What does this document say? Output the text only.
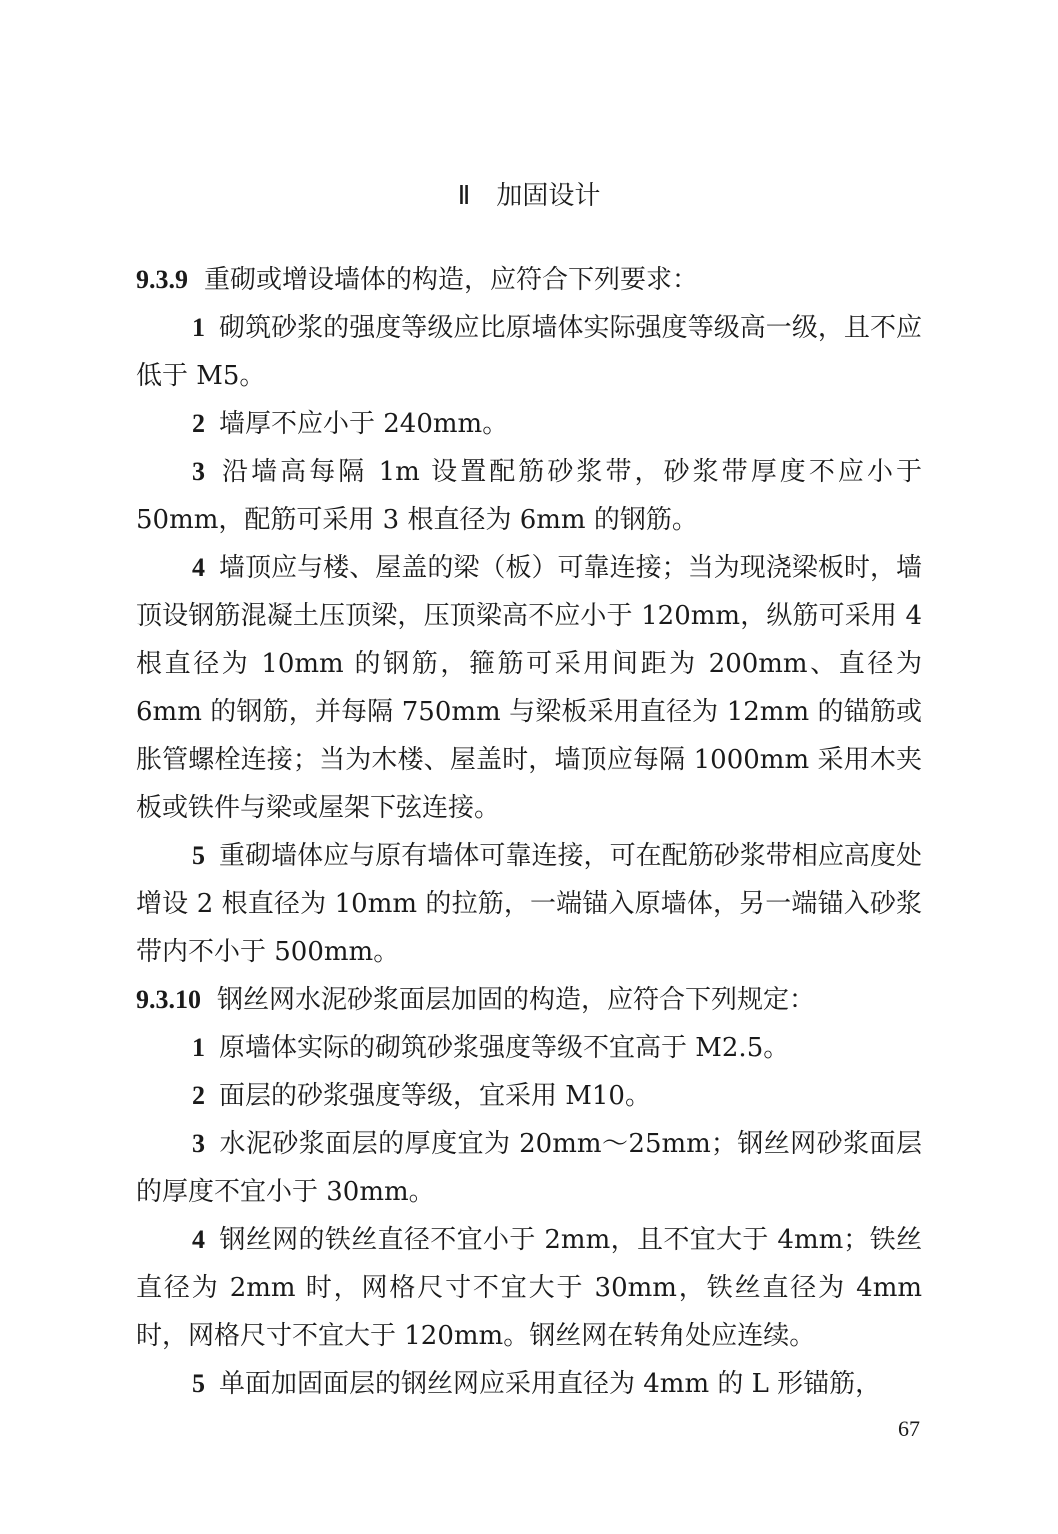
Ⅱ 加固设计

9.3.9 重砌或增设墙体的构造，应符合下列要求：

1 砌筑砂浆的强度等级应比原墙体实际强度等级高一级，且不应低于 M5。

2 墙厚不应小于 240mm。

3 沿墙高每隔 1m 设置配筋砂浆带，砂浆带厚度不应小于 50mm，配筋可采用 3 根直径为 6mm 的钢筋。

4 墙顶应与楼、屋盖的梁（板）可靠连接；当为现浇梁板时，墙顶设钢筋混凝土压顶梁，压顶梁高不应小于 120mm，纵筋可采用 4 根直径为 10mm 的钢筋，箍筋可采用间距为 200mm、直径为 6mm 的钢筋，并每隔 750mm 与梁板采用直径为 12mm 的锚筋或胀管螺栓连接；当为木楼、屋盖时，墙顶应每隔 1000mm 采用木夹板或铁件与梁或屋架下弦连接。

5 重砌墙体应与原有墙体可靠连接，可在配筋砂浆带相应高度处增设 2 根直径为 10mm 的拉筋，一端锚入原墙体，另一端锚入砂浆带内不小于 500mm。

9.3.10 钢丝网水泥砂浆面层加固的构造，应符合下列规定：

1 原墙体实际的砌筑砂浆强度等级不宜高于 M2.5。

2 面层的砂浆强度等级，宜采用 M10。

3 水泥砂浆面层的厚度宜为 20mm～25mm；钢丝网砂浆面层的厚度不宜小于 30mm。

4 钢丝网的铁丝直径不宜小于 2mm，且不宜大于 4mm；铁丝直径为 2mm 时，网格尺寸不宜大于 30mm，铁丝直径为 4mm 时，网格尺寸不宜大于 120mm。钢丝网在转角处应连续。

5 单面加固面层的钢丝网应采用直径为 4mm 的 L 形锚筋，

67
